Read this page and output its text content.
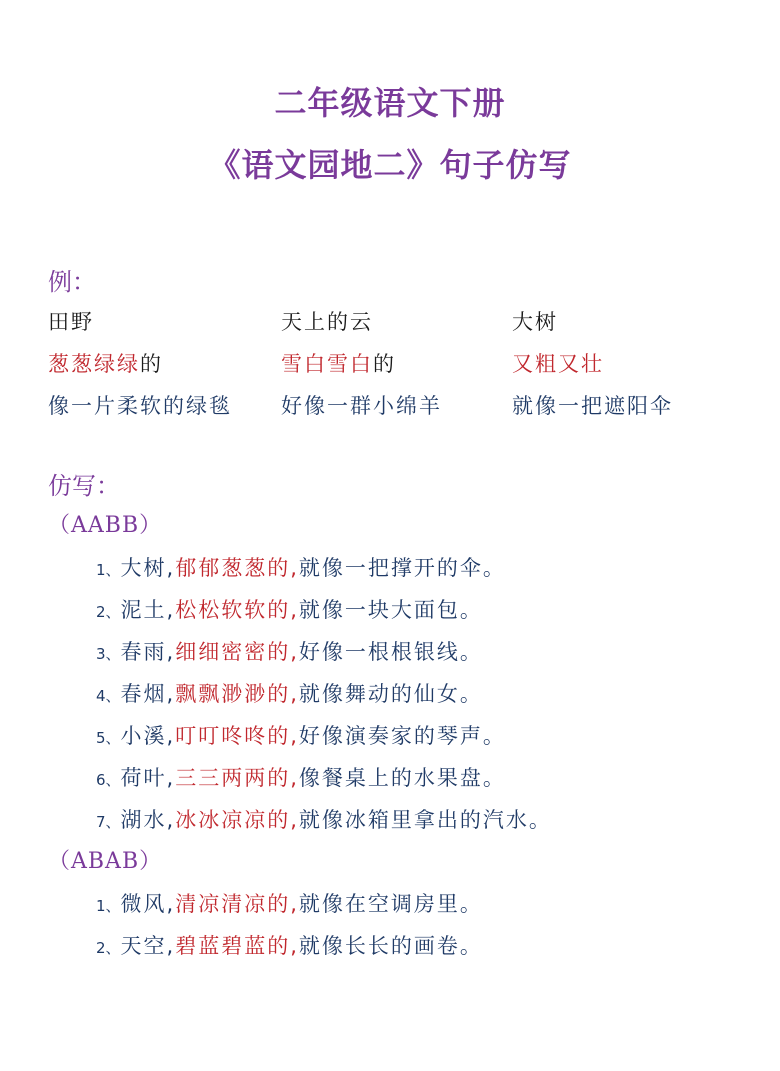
二年级语文下册
《语文园地二》句子仿写
例：
田野
葱葱绿绿的
像一片柔软的绿毯
天上的云
雪白雪白的
好像一群小绵羊
大树
又粗又壮
就像一把遮阳伞
仿写：
（AABB）
1、大树,郁郁葱葱的,就像一把撑开的伞。
2、泥土,松松软软的,就像一块大面包。
3、春雨,细细密密的,好像一根根银线。
4、春烟,飘飘渺渺的,就像舞动的仙女。
5、小溪,叮叮咚咚的,好像演奏家的琴声。
6、荷叶,三三两两的,像餐桌上的水果盘。
7、湖水,冰冰凉凉的,就像冰箱里拿出的汽水。
（ABAB）
1、微风,清凉清凉的,就像在空调房里。
2、天空,碧蓝碧蓝的,就像长长的画卷。
